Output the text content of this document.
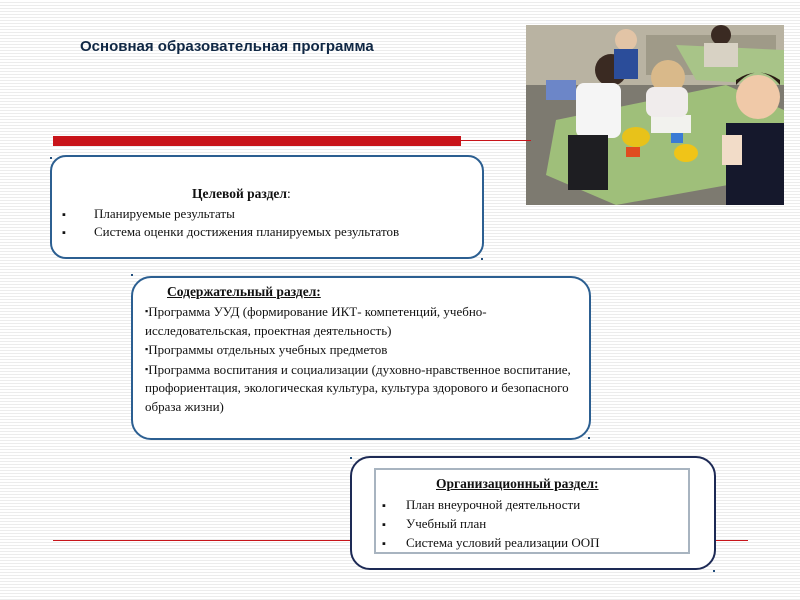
Основная образовательная программа
Целевой раздел:
▪ Планируемые результаты
▪ Система оценки достижения планируемых результатов
Содержательный раздел:
▪Программа УУД (формирование ИКТ- компетенций, учебно-исследовательская, проектная деятельность)
▪Программы отдельных учебных предметов
▪Программа воспитания и социализации (духовно-нравственное воспитание, профориентация, экологическая культура, культура здорового и безопасного образа жизни)
Организационный раздел:
▪ План внеурочной деятельности
▪ Учебный план
▪ Система условий реализации ООП
